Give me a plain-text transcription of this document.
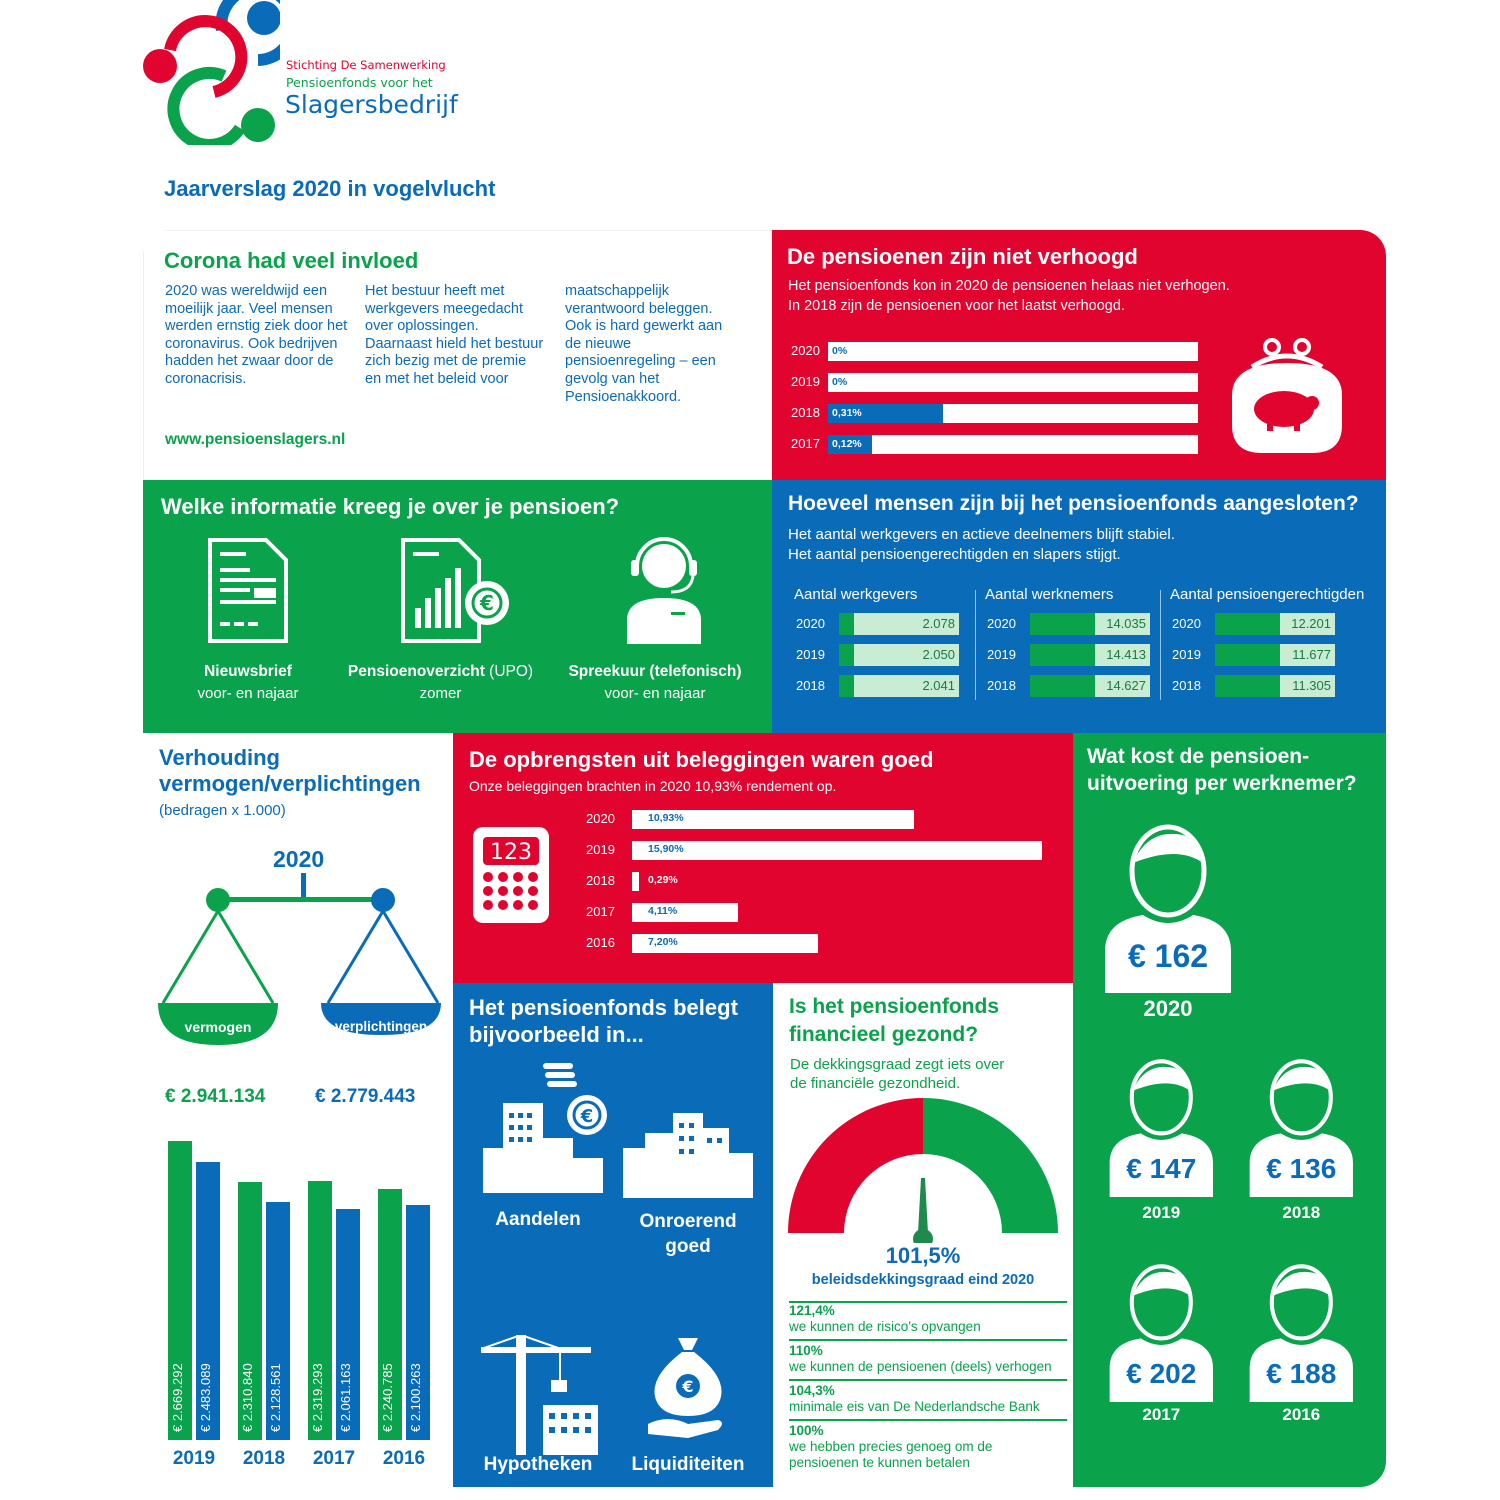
Stichting De Samenwerking
Pensioenfonds voor het
Slagersbedrijf
Jaarverslag 2020 in vogelvlucht
Corona had veel invloed
2020 was wereldwijd een moeilijk jaar. Veel mensen werden ernstig ziek door het coronavirus. Ook bedrijven hadden het zwaar door de coronacrisis.
Het bestuur heeft met werkgevers meegedacht over oplossingen. Daarnaast hield het bestuur zich bezig met de premie en met het beleid voor
maatschappelijk verantwoord beleggen. Ook is hard gewerkt aan de nieuwe pensioenregeling – een gevolg van het Pensioenakkoord.
www.pensioenslagers.nl
De pensioenen zijn niet verhoogd
Het pensioenfonds kon in 2020 de pensioenen helaas niet verhogen.
In 2018 zijn de pensioenen voor het laatst verhoogd.
2020 0%
2019 0%
2018 0,31%
2017 0,12%
Welke informatie kreeg je over je pensioen?
€
Nieuwsbrief
voor- en najaar
Pensioenoverzicht (UPO)
zomer
Spreekuur (telefonisch)
voor- en najaar
Hoeveel mensen zijn bij het pensioenfonds aangesloten?
Het aantal werkgevers en actieve deelnemers blijft stabiel.
Het aantal pensioengerechtigden en slapers stijgt.
Aantal werkgevers
2020	2.078
2019	2.050
2018	2.041
Aantal werknemers
2020	14.035
2019	14.413
2018	14.627
Aantal pensioengerechtigden
2020	12.201
2019	11.677
2018	11.305
Verhouding
vermogen/verplichtingen
(bedragen x 1.000)
2020
vermogen	verplichtingen
€ 2.941.134	€ 2.779.443
€ 2.669.292 € 2.483.089
2019
€ 2.310.840 € 2.128.561
2018
€ 2.319.293 € 2.061.163
2017
€ 2.240.785 € 2.100.263
2016
De opbrengsten uit beleggingen waren goed
Onze beleggingen brachten in 2020 10,93% rendement op.
123
2020	10,93%
2019	15,90%
2018	0,29%
2017	4,11%
2016	7,20%
Wat kost de pensioen-
uitvoering per werknemer?
€ 162
2020
€ 147
2019
€ 136
2018
€ 202
2017
€ 188
2016
Het pensioenfonds belegt
bijvoorbeeld in...
€
€
Aandelen	Onroerend goed
Hypotheken	Liquiditeiten
Is het pensioenfonds
financieel gezond?
De dekkingsgraad zegt iets over
de financiële gezondheid.
101,5%
beleidsdekkingsgraad eind 2020
121,4%
we kunnen de risico's opvangen
110%
we kunnen de pensioenen (deels) verhogen
104,3%
minimale eis van De Nederlandsche Bank
100%
we hebben precies genoeg om de pensioenen te kunnen betalen
